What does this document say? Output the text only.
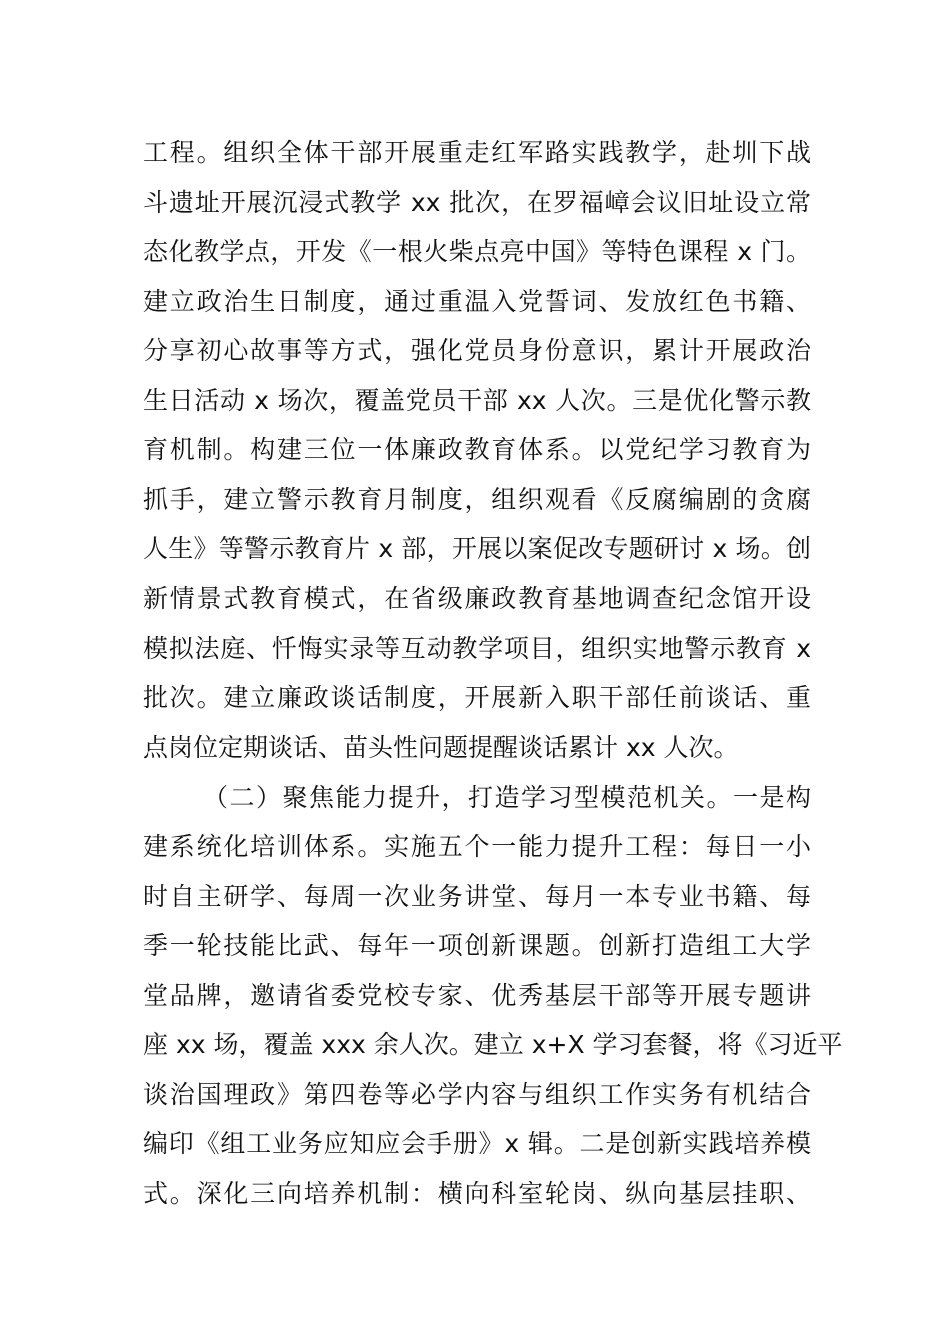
工程。组织全体干部开展重走红军路实践教学，赴圳下战
斗遗址开展沉浸式教学 xx 批次，在罗福嶂会议旧址设立常
态化教学点，开发《一根火柴点亮中国》等特色课程 x 门。
建立政治生日制度，通过重温入党誓词、发放红色书籍、
分享初心故事等方式，强化党员身份意识，累计开展政治
生日活动 x 场次，覆盖党员干部 xx 人次。三是优化警示教
育机制。构建三位一体廉政教育体系。以党纪学习教育为
抓手，建立警示教育月制度，组织观看《反腐编剧的贪腐
人生》等警示教育片 x 部，开展以案促改专题研讨 x 场。创
新情景式教育模式，在省级廉政教育基地调查纪念馆开设
模拟法庭、忏悔实录等互动教学项目，组织实地警示教育 x
批次。建立廉政谈话制度，开展新入职干部任前谈话、重
点岗位定期谈话、苗头性问题提醒谈话累计 xx 人次。
（二）聚焦能力提升，打造学习型模范机关。一是构
建系统化培训体系。实施五个一能力提升工程：每日一小
时自主研学、每周一次业务讲堂、每月一本专业书籍、每
季一轮技能比武、每年一项创新课题。创新打造组工大学
堂品牌，邀请省委党校专家、优秀基层干部等开展专题讲
座 xx 场，覆盖 xxx 余人次。建立 x+X 学习套餐，将《习近平
谈治国理政》第四卷等必学内容与组织工作实务有机结合
编印《组工业务应知应会手册》x 辑。二是创新实践培养模
式。深化三向培养机制：横向科室轮岗、纵向基层挂职、
